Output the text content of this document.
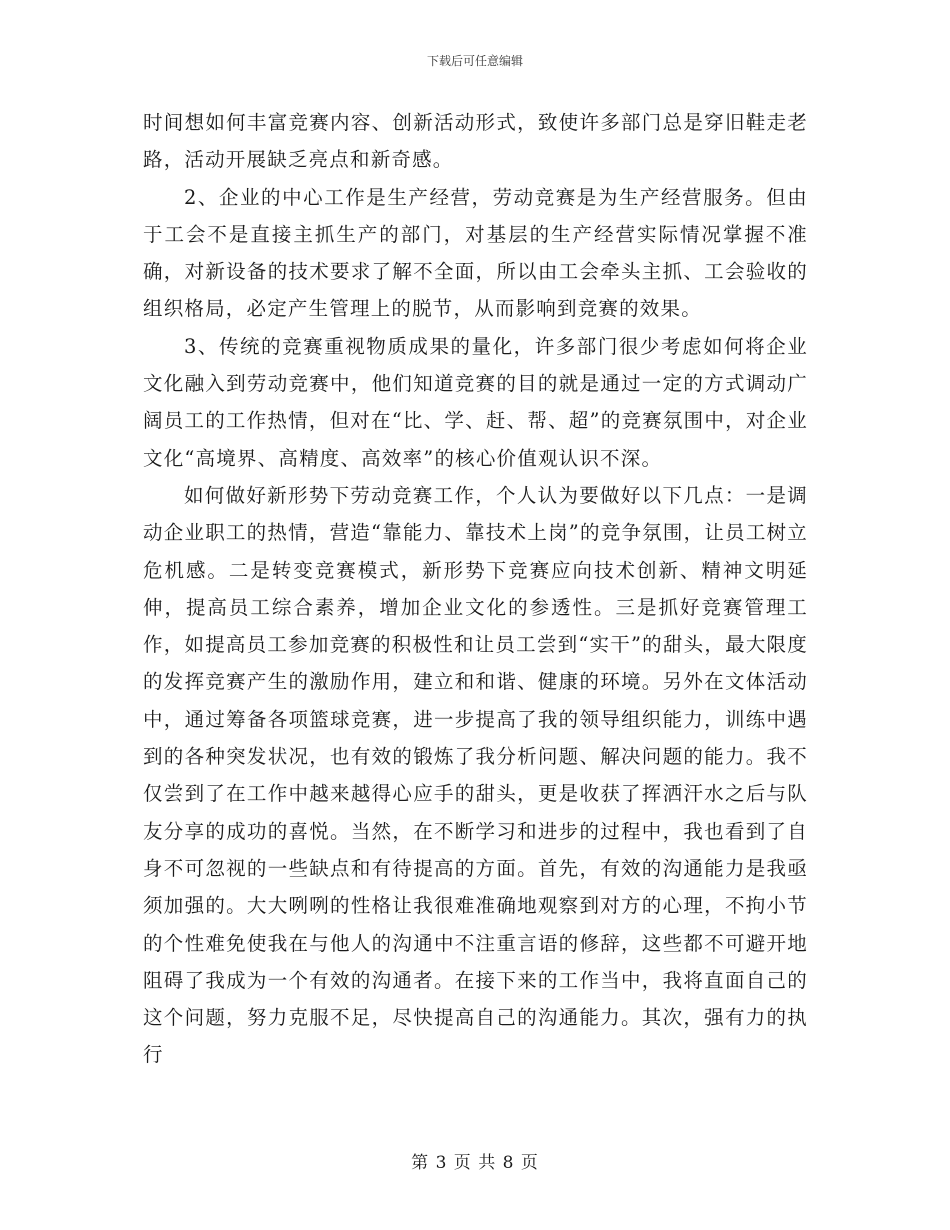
下载后可任意编辑

时间想如何丰富竞赛内容、创新活动形式，致使许多部门总是穿旧鞋走老路，活动开展缺乏亮点和新奇感。

2、企业的中心工作是生产经营，劳动竞赛是为生产经营服务。但由于工会不是直接主抓生产的部门，对基层的生产经营实际情况掌握不准确，对新设备的技术要求了解不全面，所以由工会牵头主抓、工会验收的组织格局，必定产生管理上的脱节，从而影响到竞赛的效果。

3、传统的竞赛重视物质成果的量化，许多部门很少考虑如何将企业文化融入到劳动竞赛中，他们知道竞赛的目的就是通过一定的方式调动广阔员工的工作热情，但对在“比、学、赶、帮、超”的竞赛氛围中，对企业文化“高境界、高精度、高效率”的核心价值观认识不深。

如何做好新形势下劳动竞赛工作，个人认为要做好以下几点：一是调动企业职工的热情，营造“靠能力、靠技术上岗”的竞争氛围，让员工树立危机感。二是转变竞赛模式，新形势下竞赛应向技术创新、精神文明延伸，提高员工综合素养，增加企业文化的参透性。三是抓好竞赛管理工作，如提高员工参加竞赛的积极性和让员工尝到“实干”的甜头，最大限度的发挥竞赛产生的激励作用，建立和和谐、健康的环境。另外在文体活动中，通过筹备各项篮球竞赛，进一步提高了我的领导组织能力，训练中遇到的各种突发状况，也有效的锻炼了我分析问题、解决问题的能力。我不仅尝到了在工作中越来越得心应手的甜头，更是收获了挥洒汗水之后与队友分享的成功的喜悦。当然，在不断学习和进步的过程中，我也看到了自身不可忽视的一些缺点和有待提高的方面。首先，有效的沟通能力是我亟须加强的。大大咧咧的性格让我很难准确地观察到对方的心理，不拘小节的个性难免使我在与他人的沟通中不注重言语的修辞，这些都不可避开地阻碍了我成为一个有效的沟通者。在接下来的工作当中，我将直面自己的这个问题，努力克服不足，尽快提高自己的沟通能力。其次，强有力的执行

第 3 页 共 8 页
